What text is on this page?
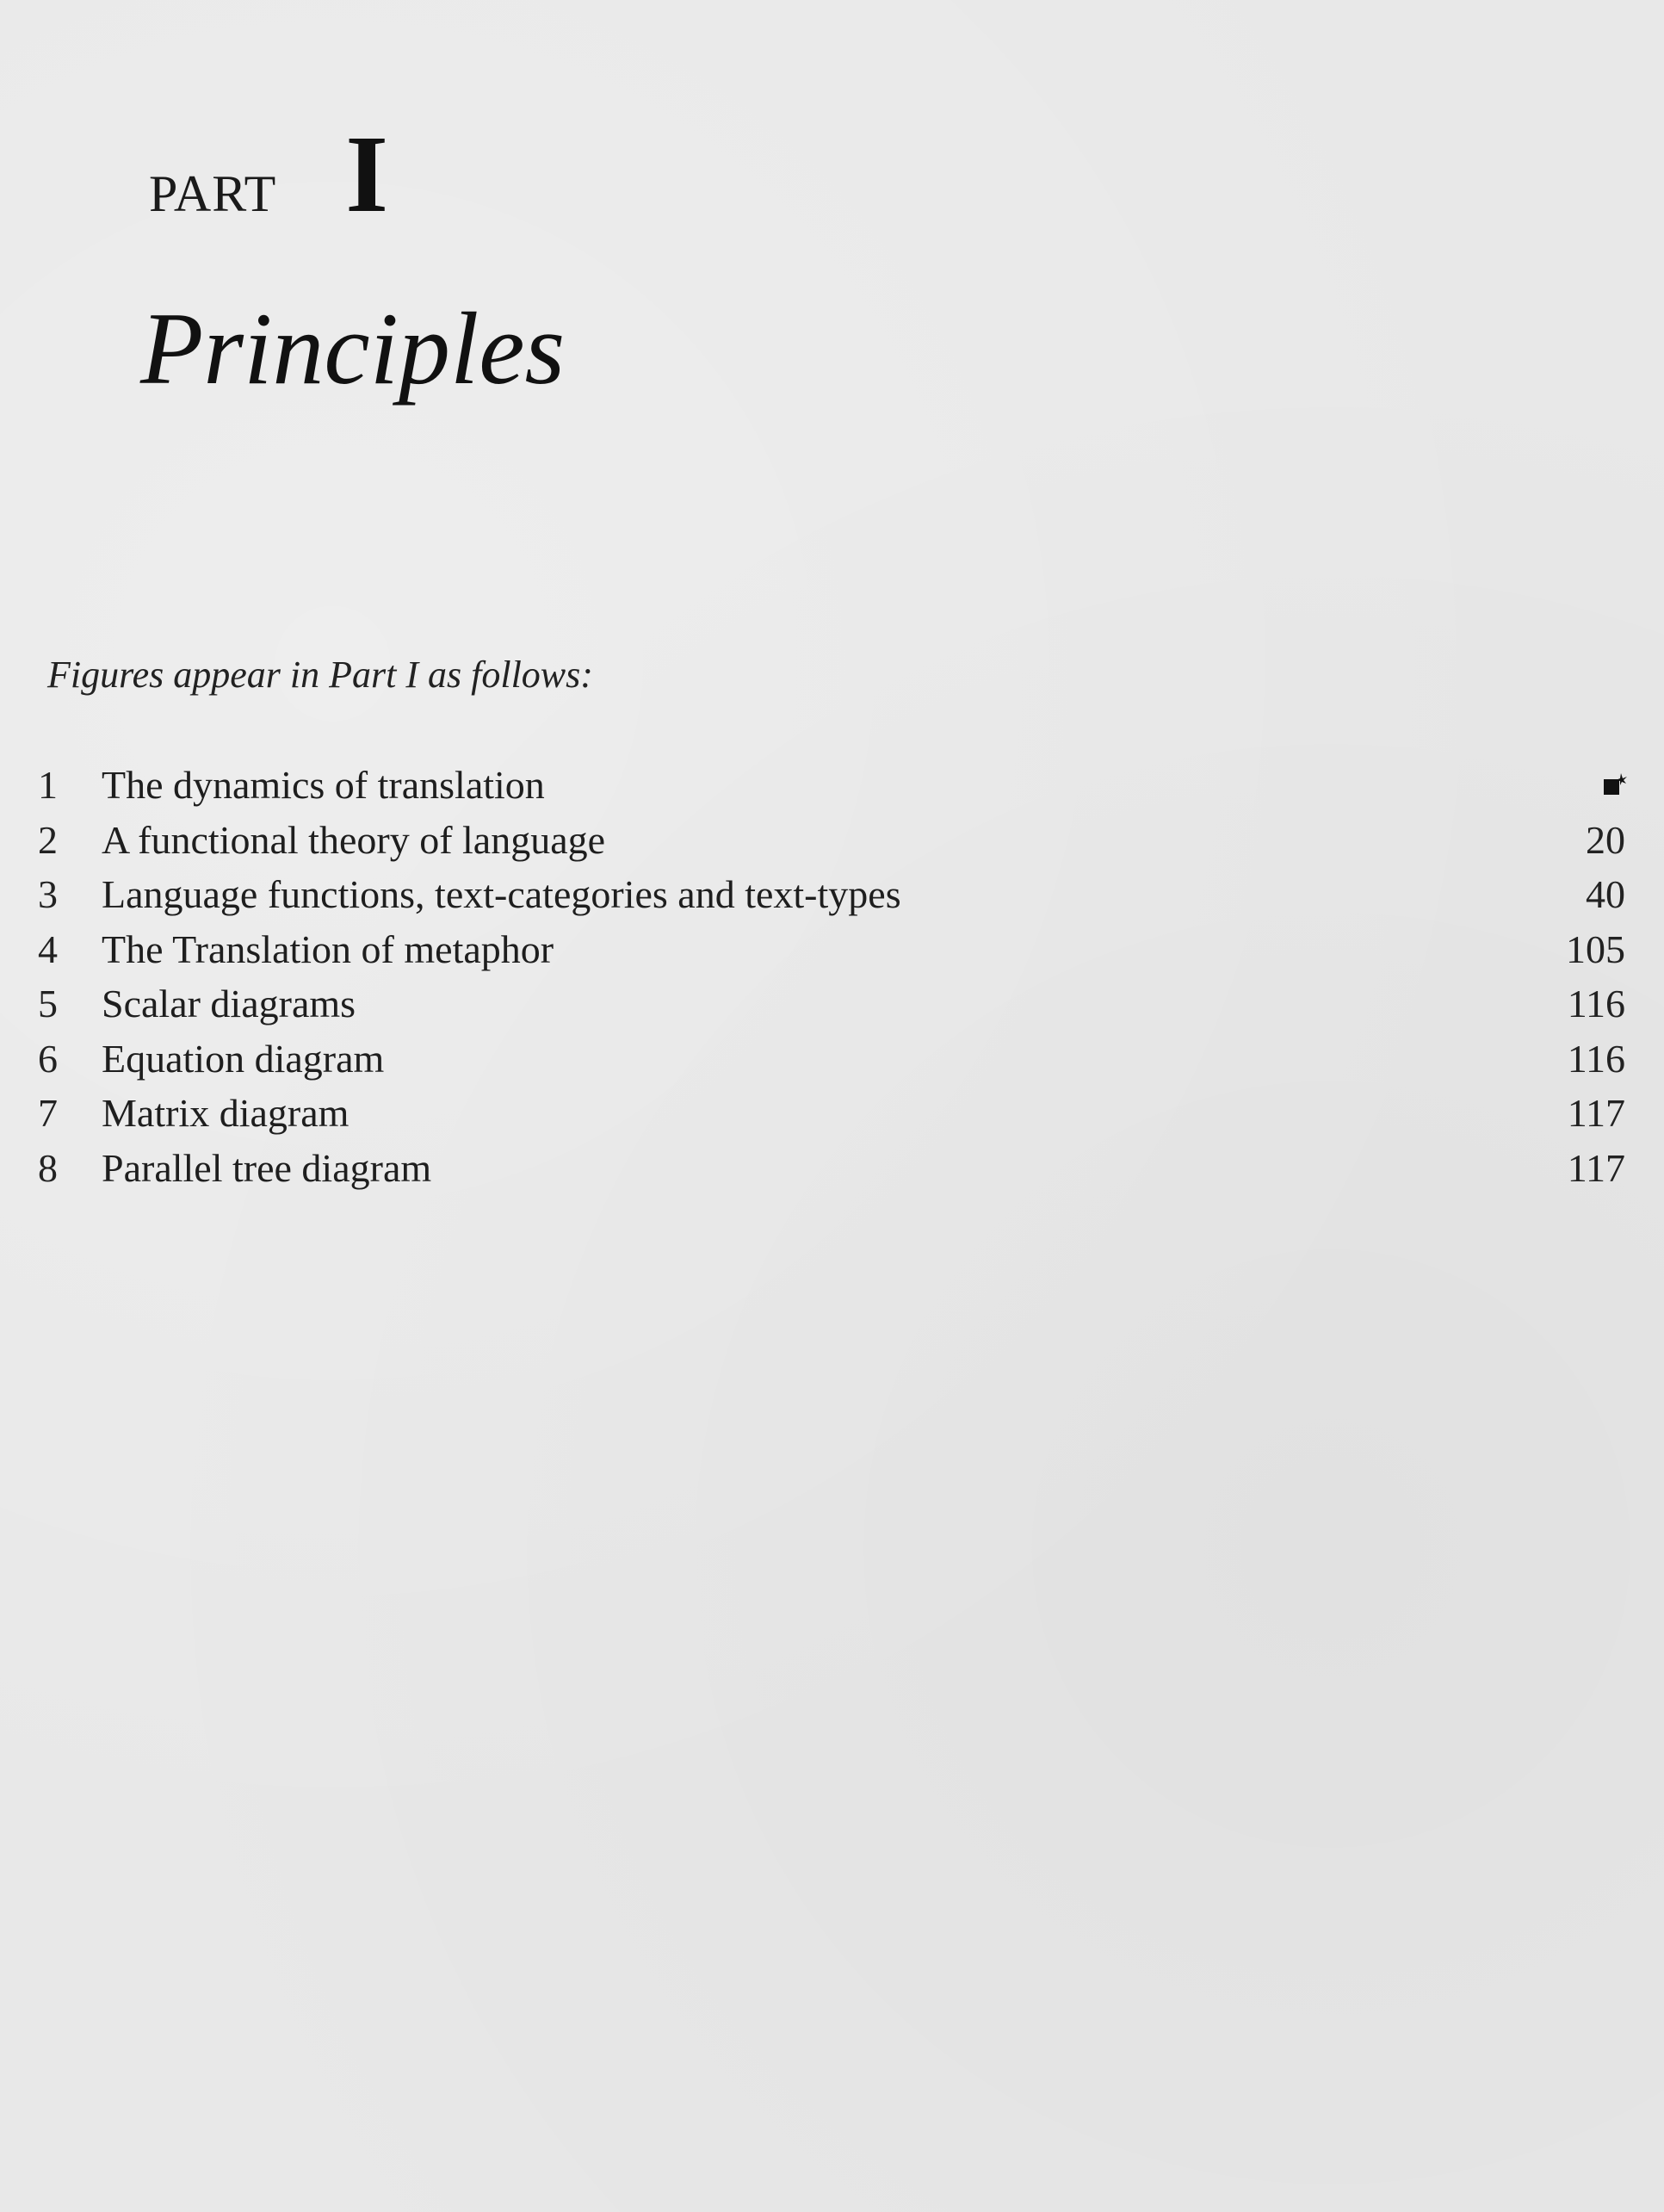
PART I
Principles
Figures appear in Part I as follows:
1	The dynamics of translation
2	A functional theory of language	20
3	Language functions, text-categories and text-types	40
4	The Translation of metaphor	105
5	Scalar diagrams	116
6	Equation diagram	116
7	Matrix diagram	117
8	Parallel tree diagram	117
